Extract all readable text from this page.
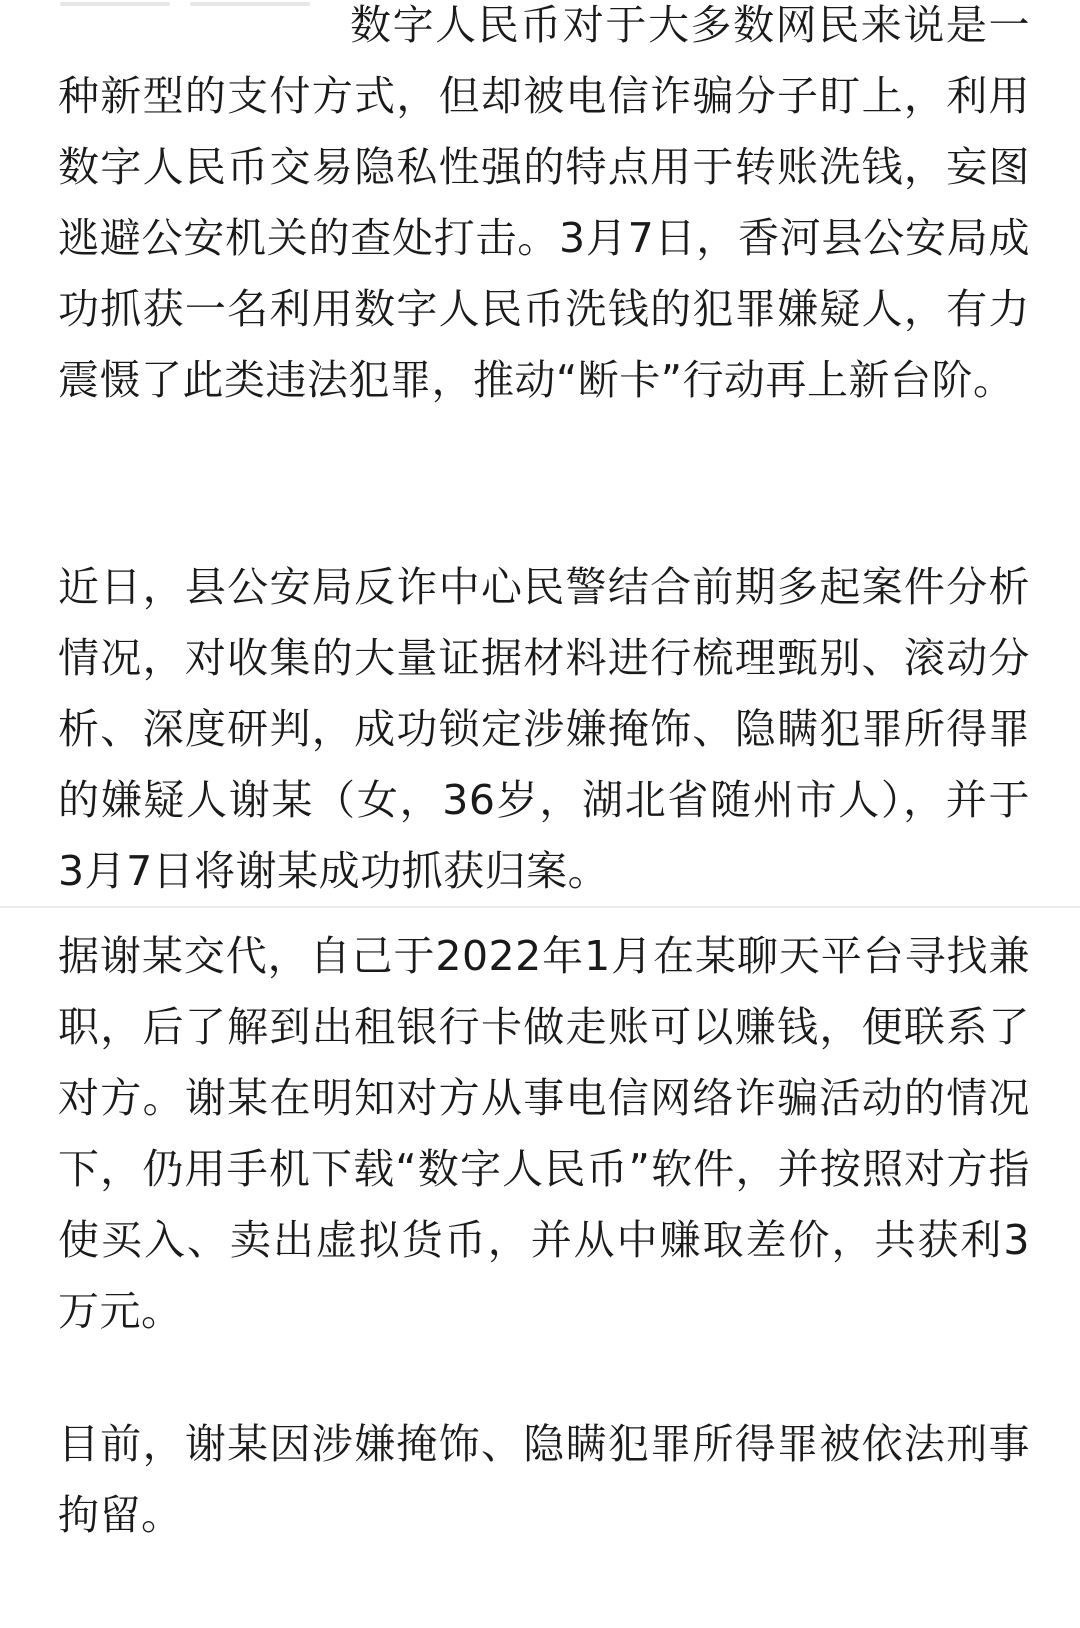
数字人民币对于大多数网民来说是一种新型的支付方式，但却被电信诈骗分子盯上，利用数字人民币交易隐私性强的特点用于转账洗钱，妄图逃避公安机关的查处打击。3月7日，香河县公安局成功抓获一名利用数字人民币洗钱的犯罪嫌疑人，有力震慑了此类违法犯罪，推动“断卡”行动再上新台阶。

近日，县公安局反诈中心民警结合前期多起案件分析情况，对收集的大量证据材料进行梳理甄别、滚动分析、深度研判，成功锁定涉嫌掩饰、隐瞒犯罪所得罪的嫌疑人谢某（女，36岁，湖北省随州市人），并于3月7日将谢某成功抓获归案。

据谢某交代，自己于2022年1月在某聊天平台寻找兼职，后了解到出租银行卡做走账可以赚钱，便联系了对方。谢某在明知对方从事电信网络诈骗活动的情况下，仍用手机下载“数字人民币”软件，并按照对方指使买入、卖出虚拟货币，并从中赚取差价，共获利3万元。

目前，谢某因涉嫌掩饰、隐瞒犯罪所得罪被依法刑事拘留。
